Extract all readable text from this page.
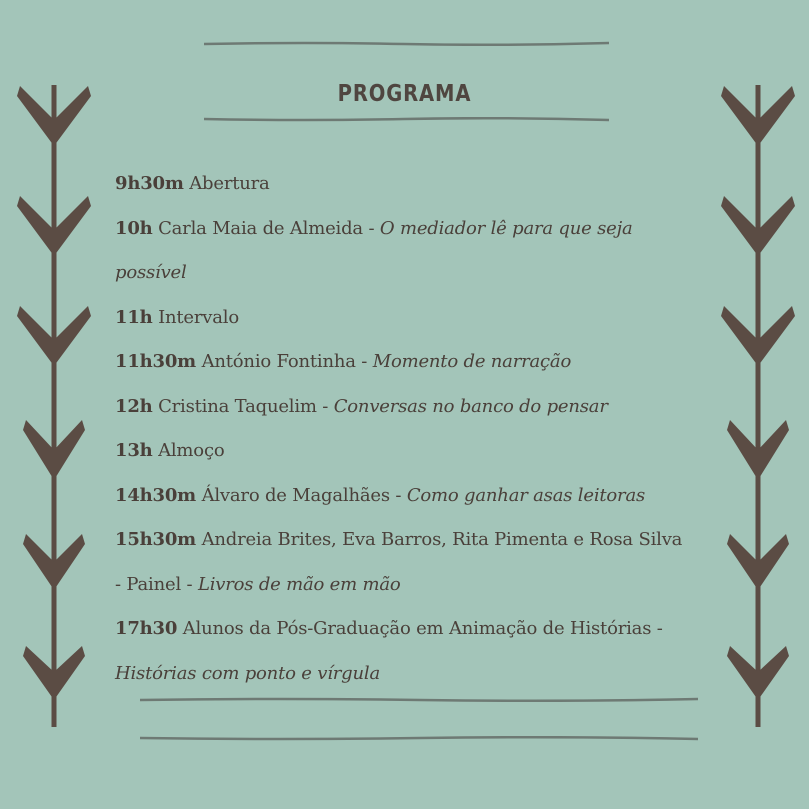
PROGRAMA
9h30m Abertura
10h Carla Maia de Almeida - O mediador lê para que seja
possível
11h Intervalo
11h30m António Fontinha - Momento de narração
12h Cristina Taquelim - Conversas no banco do pensar
13h Almoço
14h30m Álvaro de Magalhães - Como ganhar asas leitoras
15h30m Andreia Brites, Eva Barros, Rita Pimenta e Rosa Silva
- Painel - Livros de mão em mão
17h30 Alunos da Pós-Graduação em Animação de Histórias -
Histórias com ponto e vírgula
